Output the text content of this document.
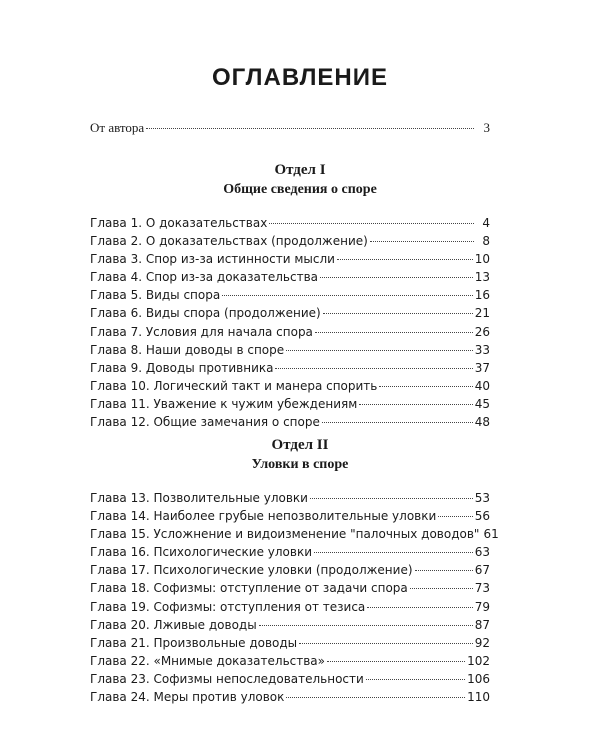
ОГЛАВЛЕНИЕ
От автора	3
Отдел I
Общие сведения о споре
Глава 1. О доказательствах	4
Глава 2. О доказательствах (продолжение)	8
Глава 3. Спор из-за истинности мысли	10
Глава 4. Спор из-за доказательства	13
Глава 5. Виды спора	16
Глава 6. Виды спора (продолжение)	21
Глава 7. Условия для начала спора	26
Глава 8. Наши доводы в споре	33
Глава 9. Доводы противника	37
Глава 10. Логический такт и манера спорить	40
Глава 11. Уважение к чужим убеждениям	45
Глава 12. Общие замечания о споре	48
Отдел II
Уловки в споре
Глава 13. Позволительные уловки	53
Глава 14. Наиболее грубые непозволительные уловки	56
Глава 15. Усложнение и видоизменение "палочных доводов" 61
Глава 16. Психологические уловки	63
Глава 17. Психологические уловки (продолжение)	67
Глава 18. Софизмы: отступление от задачи спора	73
Глава 19. Софизмы: отступления от тезиса	79
Глава 20. Лживые доводы	87
Глава 21. Произвольные доводы	92
Глава 22. «Мнимые доказательства»	102
Глава 23. Софизмы непоследовательности	106
Глава 24. Меры против уловок	110
